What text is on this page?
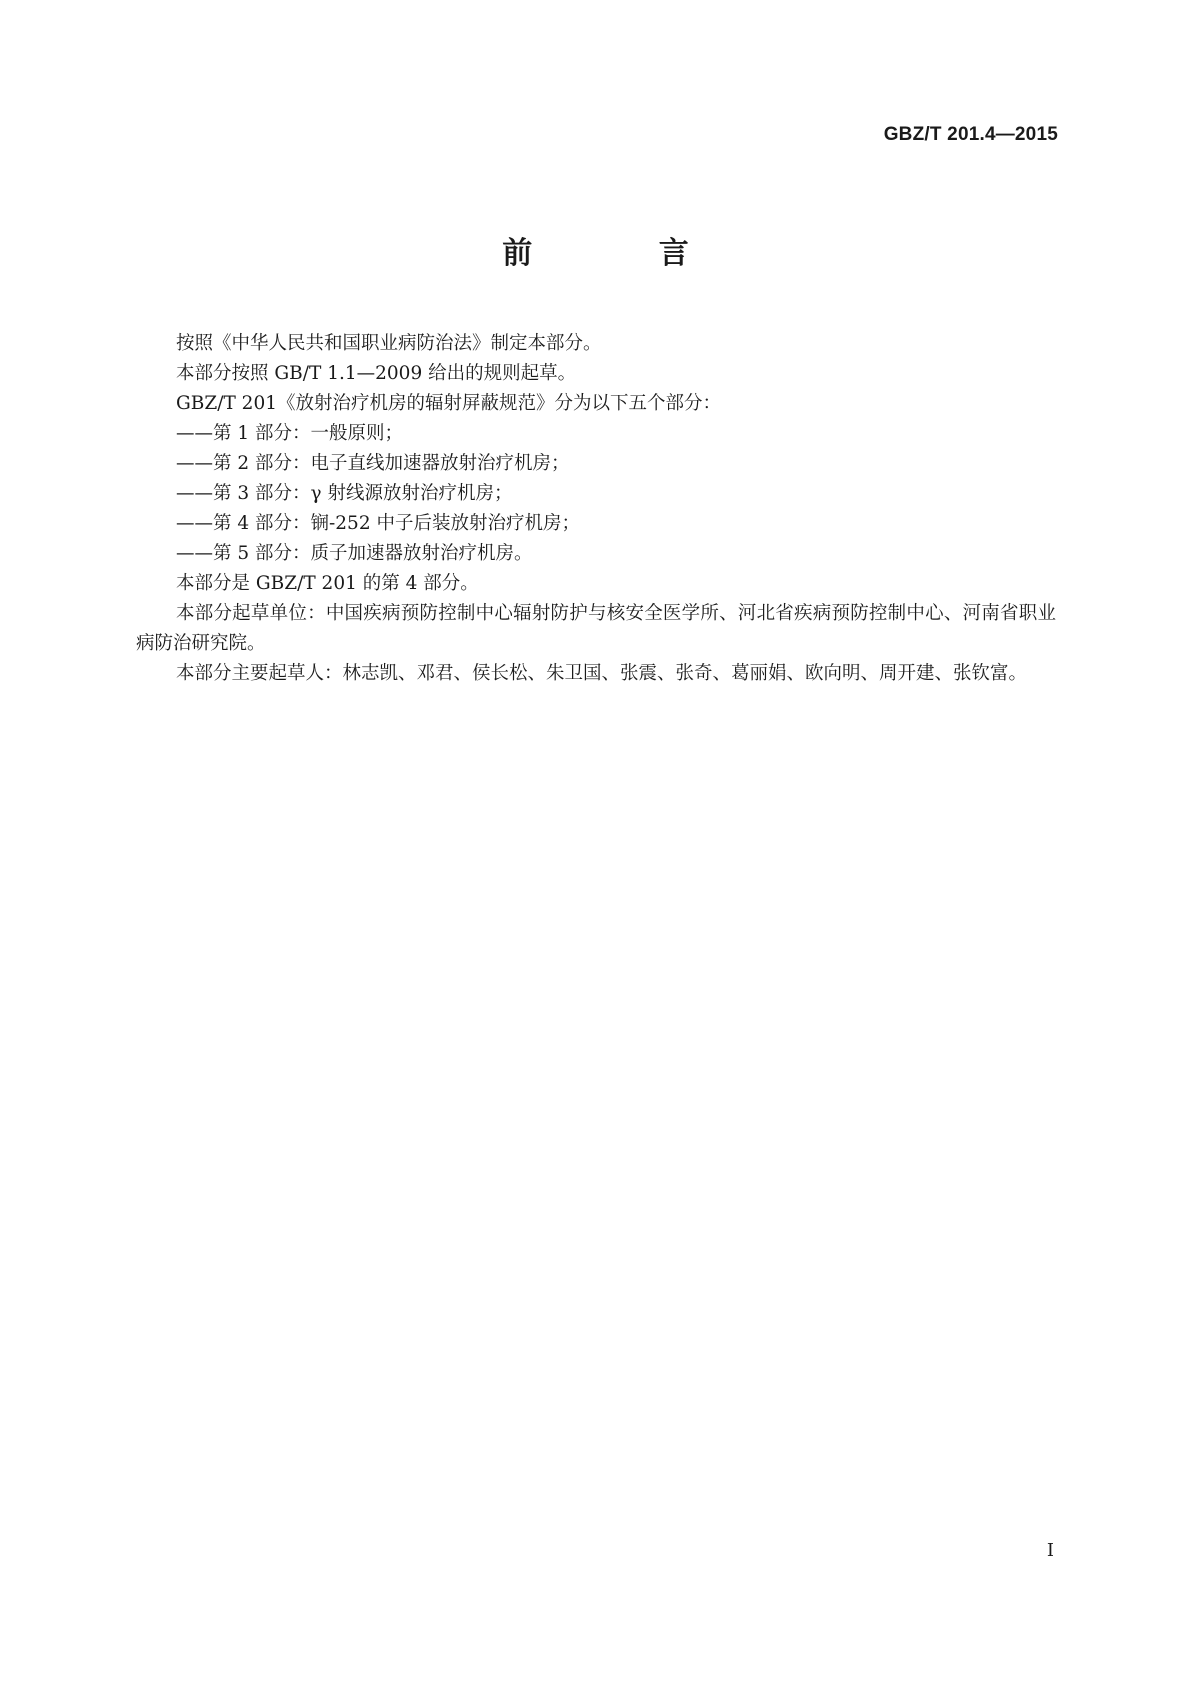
GBZ/T 201.4—2015
前 言

按照《中华人民共和国职业病防治法》制定本部分。

本部分按照 GB/T 1.1—2009 给出的规则起草。

GBZ/T 201《放射治疗机房的辐射屏蔽规范》分为以下五个部分：

——第 1 部分：一般原则；

——第 2 部分：电子直线加速器放射治疗机房；

——第 3 部分：γ 射线源放射治疗机房；

——第 4 部分：锎-252 中子后装放射治疗机房；

——第 5 部分：质子加速器放射治疗机房。

本部分是 GBZ/T 201 的第 4 部分。

本部分起草单位：中国疾病预防控制中心辐射防护与核安全医学所、河北省疾病预防控制中心、河南省职业病防治研究院。

本部分主要起草人：林志凯、邓君、侯长松、朱卫国、张震、张奇、葛丽娟、欧向明、周开建、张钦富。

I
